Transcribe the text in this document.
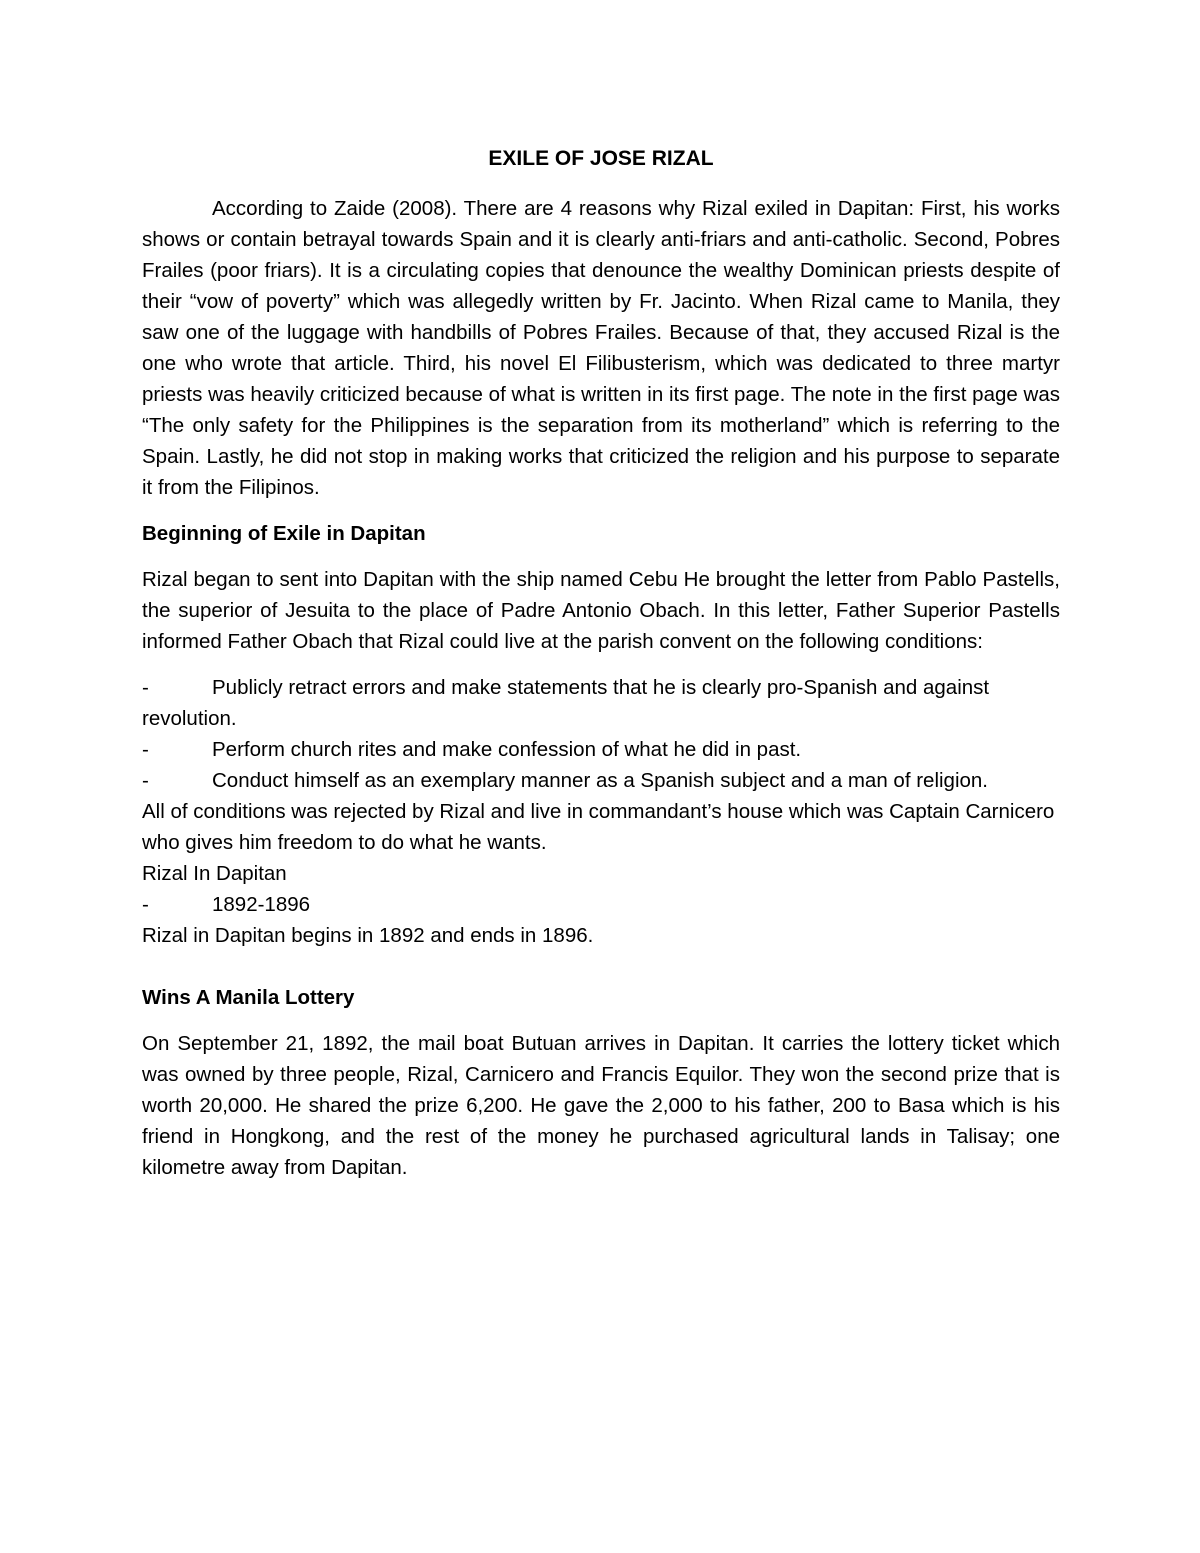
EXILE OF JOSE RIZAL

According to Zaide (2008). There are 4 reasons why Rizal exiled in Dapitan: First, his works shows or contain betrayal towards Spain and it is clearly anti-friars and anti-catholic. Second, Pobres Frailes (poor friars). It is a circulating copies that denounce the wealthy Dominican priests despite of their “vow of poverty” which was allegedly written by Fr. Jacinto. When Rizal came to Manila, they saw one of the luggage with handbills of Pobres Frailes. Because of that, they accused Rizal is the one who wrote that article. Third, his novel El Filibusterism, which was dedicated to three martyr priests was heavily criticized because of what is written in its first page. The note in the first page was “The only safety for the Philippines is the separation from its motherland” which is referring to the Spain. Lastly, he did not stop in making works that criticized the religion and his purpose to separate it from the Filipinos.

Beginning of Exile in Dapitan

Rizal began to sent into Dapitan with the ship named Cebu He brought the letter from Pablo Pastells, the superior of Jesuita to the place of Padre Antonio Obach. In this letter, Father Superior Pastells informed Father Obach that Rizal could live at the parish convent on the following conditions:

-	Publicly retract errors and make statements that he is clearly pro-Spanish and against revolution.

-	Perform church rites and make confession of what he did in past.

-	Conduct himself as an exemplary manner as a Spanish subject and a man of religion.

All of conditions was rejected by Rizal and live in commandant’s house which was Captain Carnicero who gives him freedom to do what he wants.

Rizal In Dapitan

-	1892-1896

Rizal in Dapitan begins in 1892 and ends in 1896.

Wins A Manila Lottery

On September 21, 1892, the mail boat Butuan arrives in Dapitan. It carries the lottery ticket which was owned by three people, Rizal, Carnicero and Francis Equilor. They won the second prize that is worth 20,000. He shared the prize 6,200. He gave the 2,000 to his father, 200 to Basa which is his friend in Hongkong, and the rest of the money he purchased agricultural lands in Talisay; one kilometre away from Dapitan.
